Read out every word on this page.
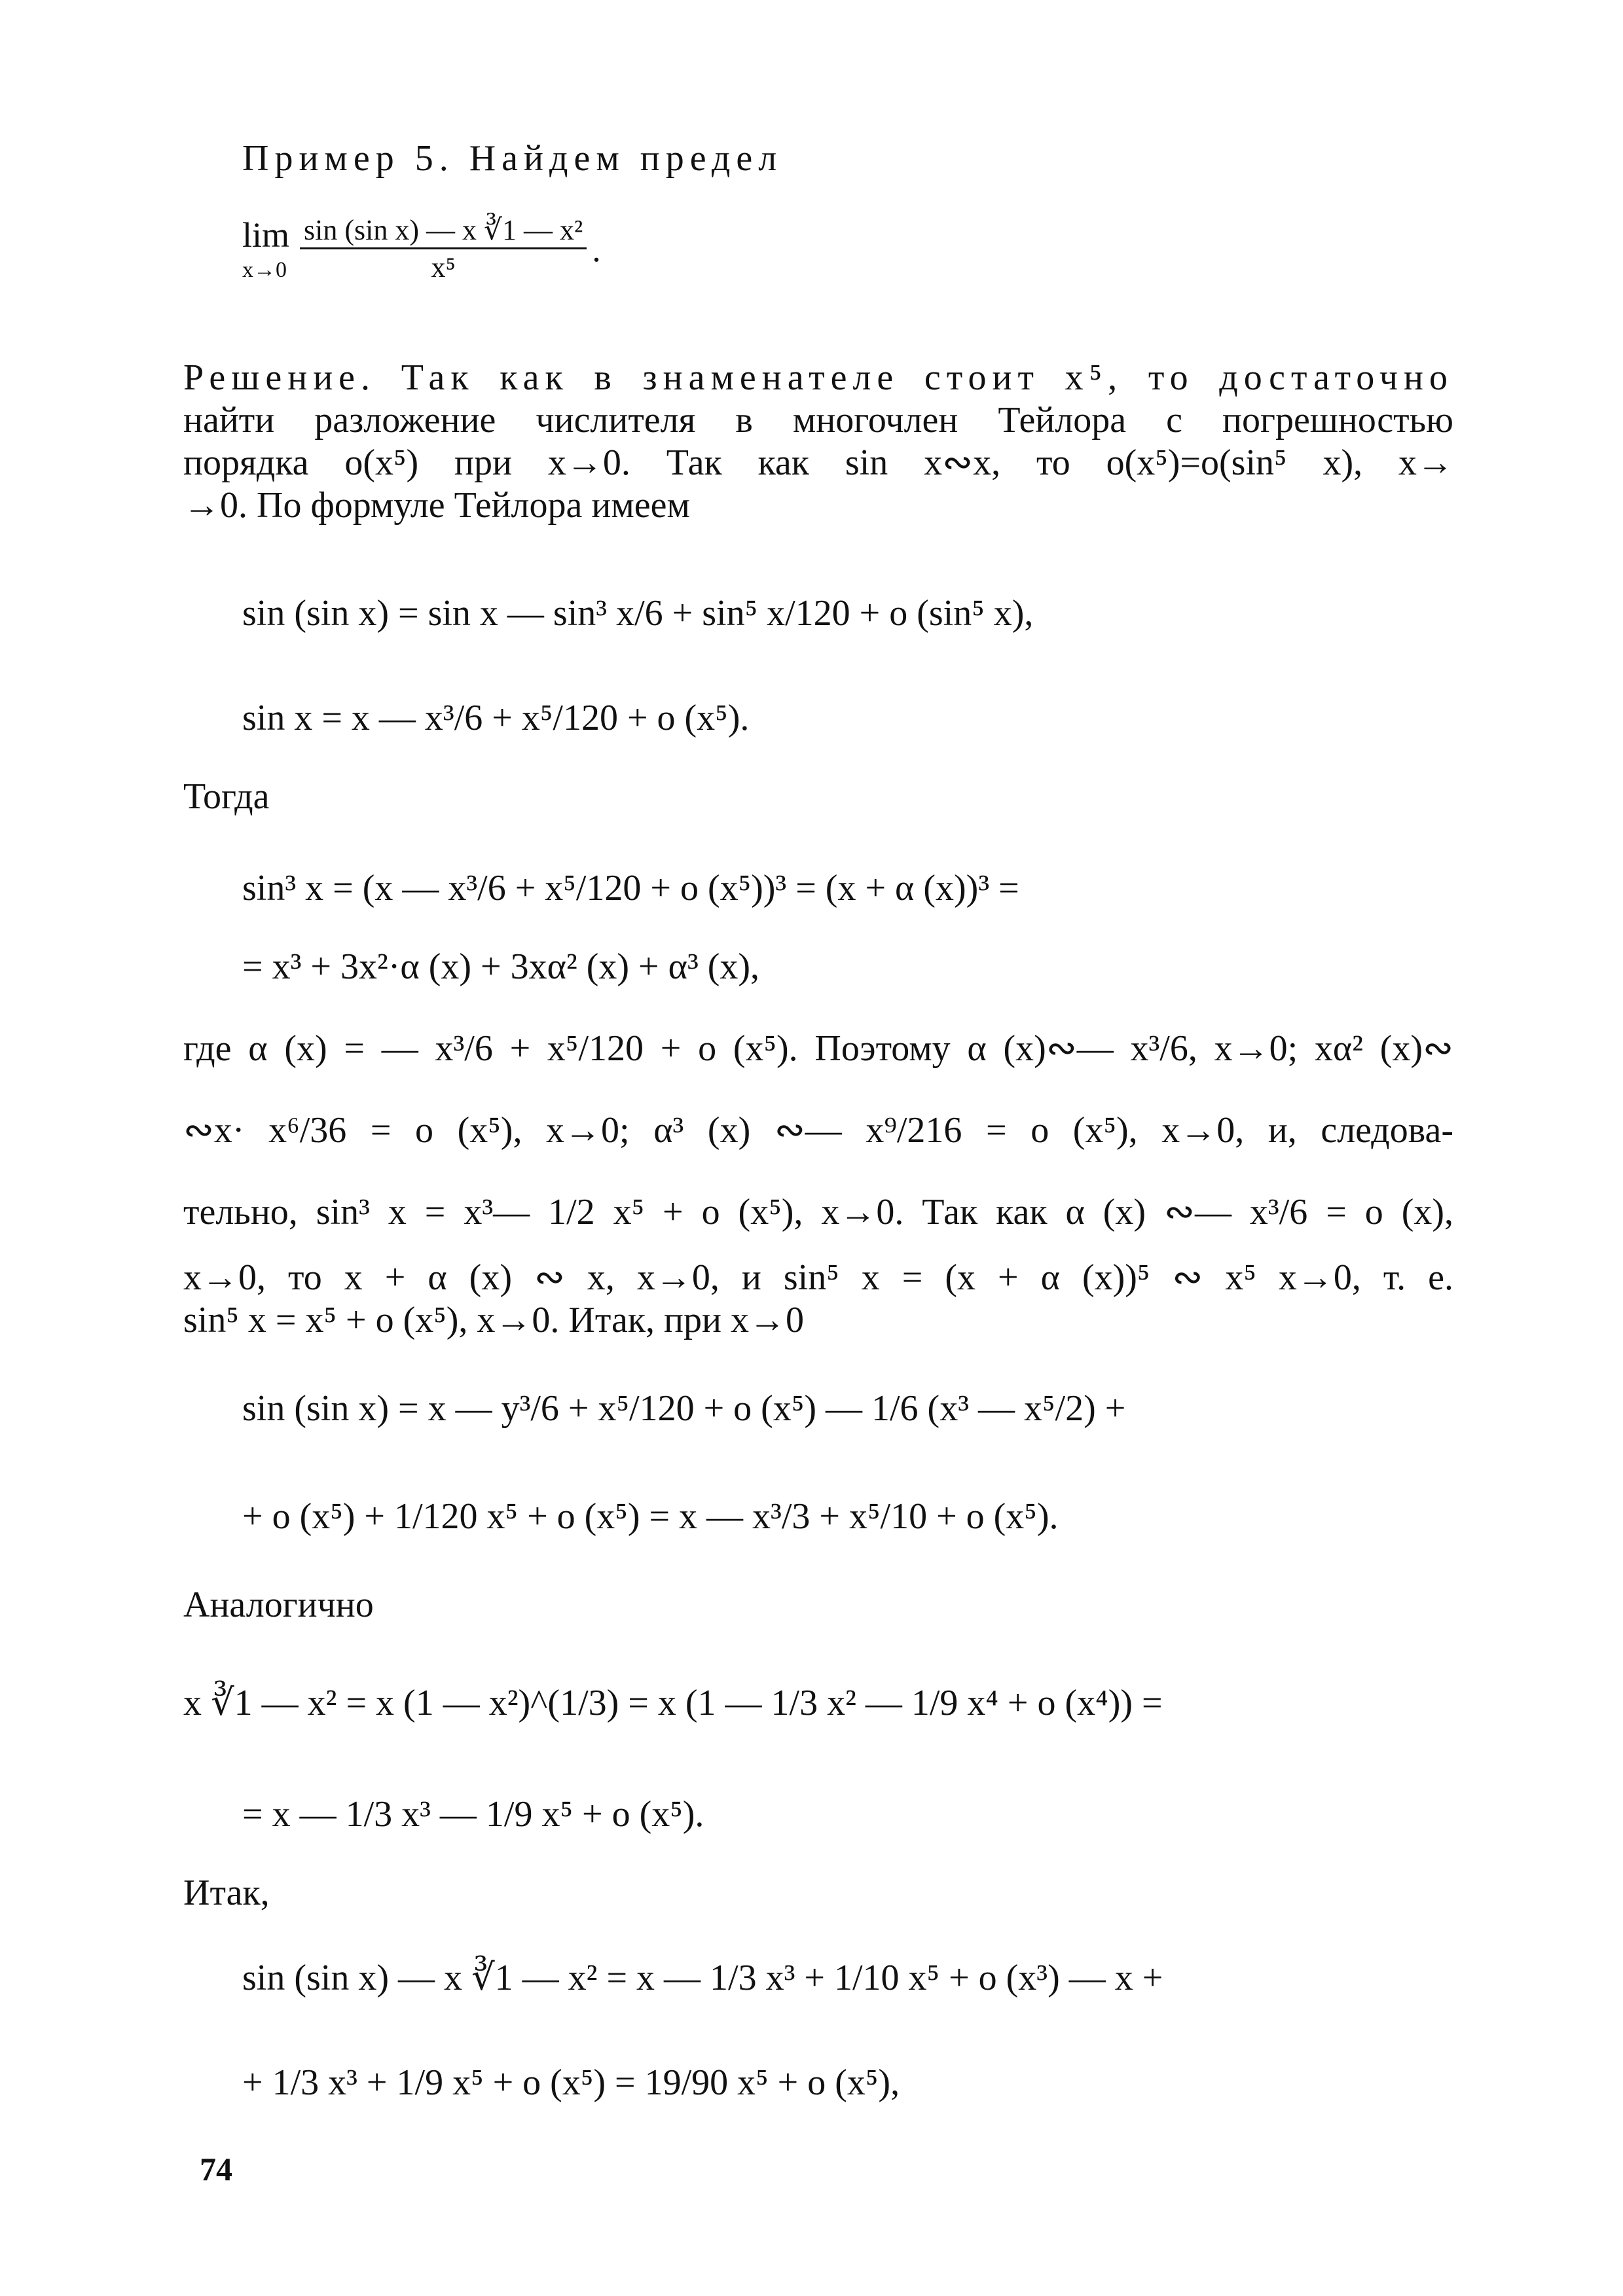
Пример 5. Найдем предел
lim
$x\to 0 \frac{\text{sin (sin x) — x ∛1 — x²}}{\text{x⁵}}$ .
Решение. Так как в знаменателе стоит x⁵, то достаточно
найти разложение числителя в многочлен Тейлора с погрешностью
порядка o(x⁵) при x→0. Так как sin x∾x, то o(x⁵)=o(sin⁵ x), x→
→0. По формуле Тейлора имеем
sin (sin x) = sin x — sin³ x/6 + sin⁵ x/120 + o (sin⁵ x),
sin x = x — x³/6 + x⁵/120 + o (x⁵).
Тогда
sin³ x = (x — x³/6 + x⁵/120 + o (x⁵))³ = (x + α (x))³ =
= x³ + 3x²·α (x) + 3xα² (x) + α³ (x),
где α (x) = — x³/6 + x⁵/120 + o (x⁵). Поэтому α (x)∾— x³/6, x→0; xα² (x)∾
∾x· x⁶/36 = o (x⁵), x→0; α³ (x) ∾— x⁹/216 = o (x⁵), x→0, и, следова-
тельно, sin³ x = x³— 1/2 x⁵ + o (x⁵), x→0. Так как α (x) ∾— x³/6 = o (x),
x→0, то x + α (x) ∾ x, x→0, и sin⁵ x = (x + α (x))⁵ ∾ x⁵ x→0, т. е.
sin⁵ x = x⁵ + o (x⁵), x→0. Итак, при x→0
sin (sin x) = x — y³/6 + x⁵/120 + o (x⁵) — 1/6 (x³ — x⁵/2) +
+ o (x⁵) + 1/120 x⁵ + o (x⁵) = x — x³/3 + x⁵/10 + o (x⁵).
Аналогично
x ∛1 — x² = x (1 — x²)^(1/3) = x (1 — 1/3 x² — 1/9 x⁴ + o (x⁴)) =
= x — 1/3 x³ — 1/9 x⁵ + o (x⁵).
Итак,
sin (sin x) — x ∛1 — x² = x — 1/3 x³ + 1/10 x⁵ + o (x³) — x +
+ 1/3 x³ + 1/9 x⁵ + o (x⁵) = 19/90 x⁵ + o (x⁵),
74
